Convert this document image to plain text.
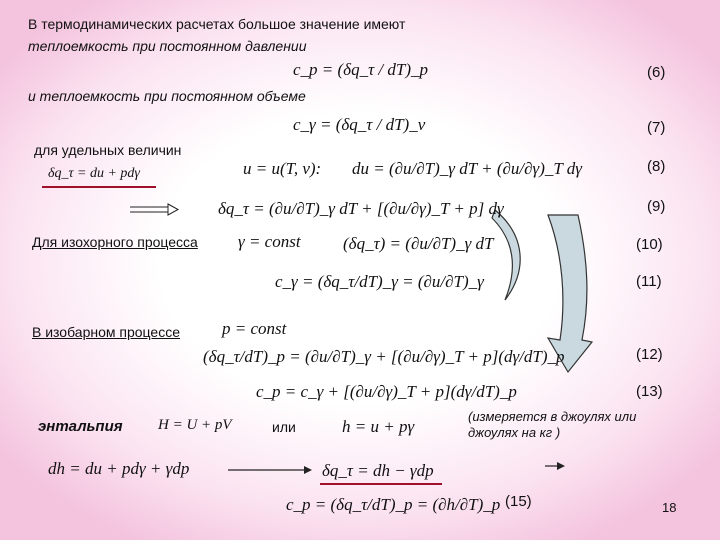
В термодинамических расчетах большое значение имеют
теплоемкость при постоянном давлении
c_p = (δq_τ / dT)_p	(6)
и теплоемкость при постоянном объеме
c_γ = (δq_τ / dT)_v	(7)
для удельных величин
u = u(T, v): du = (∂u/∂T)_γ dT + (∂u/∂γ)_T dγ	(8)
δq_τ = du + pdγ
δq_τ = (∂u/∂T)_γ dT + [(∂u/∂γ)_T + p] dγ	(9)
Для изохорного процесса γ = const (δq_τ) = (∂u/∂T)_γ dT	(10)
c_γ = (δq_τ/dT)_γ = (∂u/∂T)_γ	(11)
В изобарном процессе p = const
(δq_τ/dT)_p = (∂u/∂T)_γ + [(∂u/∂γ)_T + p](dγ/dT)_p	(12)
c_p = c_γ + [(∂u/∂γ)_T + p](dγ/dT)_p	(13)
энтальпия H = U + pV	или	h = u + pγ
(измеряется в джоулях или джоулях на кг )
dh = du + pdγ + γdp	δq_τ = dh − γdp
c_p = (δq_τ/dT)_p = (∂h/∂T)_p (15)	18
